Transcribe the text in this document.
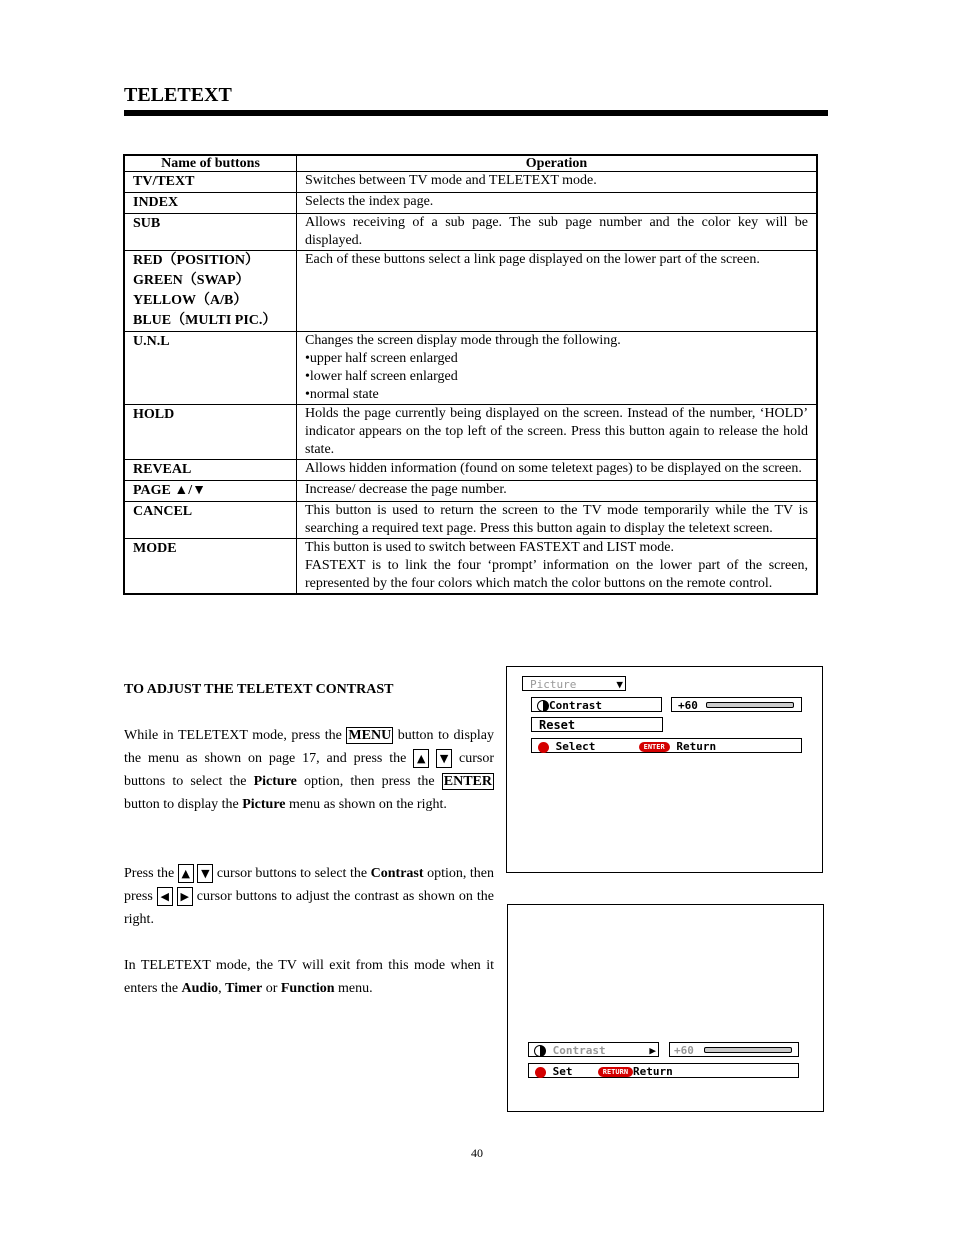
TELETEXT
Name of buttons	Operation

TV/TEXT	Switches between TV mode and TELETEXT mode.

INDEX	Selects the index page.

SUB	Allows receiving of a sub page. The sub page number and the color key will be displayed.

RED（POSITION）
GREEN（SWAP）
YELLOW（A/B）
BLUE（MULTI PIC.）	Each of these buttons select a link page displayed on the lower part of the screen.

U.N.L	Changes the screen display mode through the following.
•upper half screen enlarged
•lower half screen enlarged
•normal state

HOLD	Holds the page currently being displayed on the screen. Instead of the number, ‘HOLD’ indicator appears on the top left of the screen. Press this button again to release the hold state.

REVEAL	Allows hidden information (found on some teletext pages) to be displayed on the screen.

PAGE ▲/▼	Increase/ decrease the page number.

CANCEL	This button is used to return the screen to the TV mode temporarily while the TV is searching a required text page. Press this button again to display the teletext screen.

MODE	This button is used to switch between FASTEXT and LIST mode.
FASTEXT is to link the four ‘prompt’ information on the lower part of the screen, represented by the four colors which match the color buttons on the remote control.
TO ADJUST THE TELETEXT CONTRAST
While in TELETEXT mode, press the MENU button to display the menu as shown on page 17, and press the ▲ ▼ cursor buttons to select the Picture option, then press the ENTER button to display the Picture menu as shown on the right.
Press the ▲ ▼ cursor buttons to select the Contrast option, then press ◀ ▶ cursor buttons to adjust the contrast as shown on the right.
In TELETEXT mode, the TV will exit from this mode when it enters the Audio, Timer or Function menu.
Picture	▼
Contrast	+60
Reset
Select	ENTER Return
Contrast	▶	+60
Set	RETURN Return
40
